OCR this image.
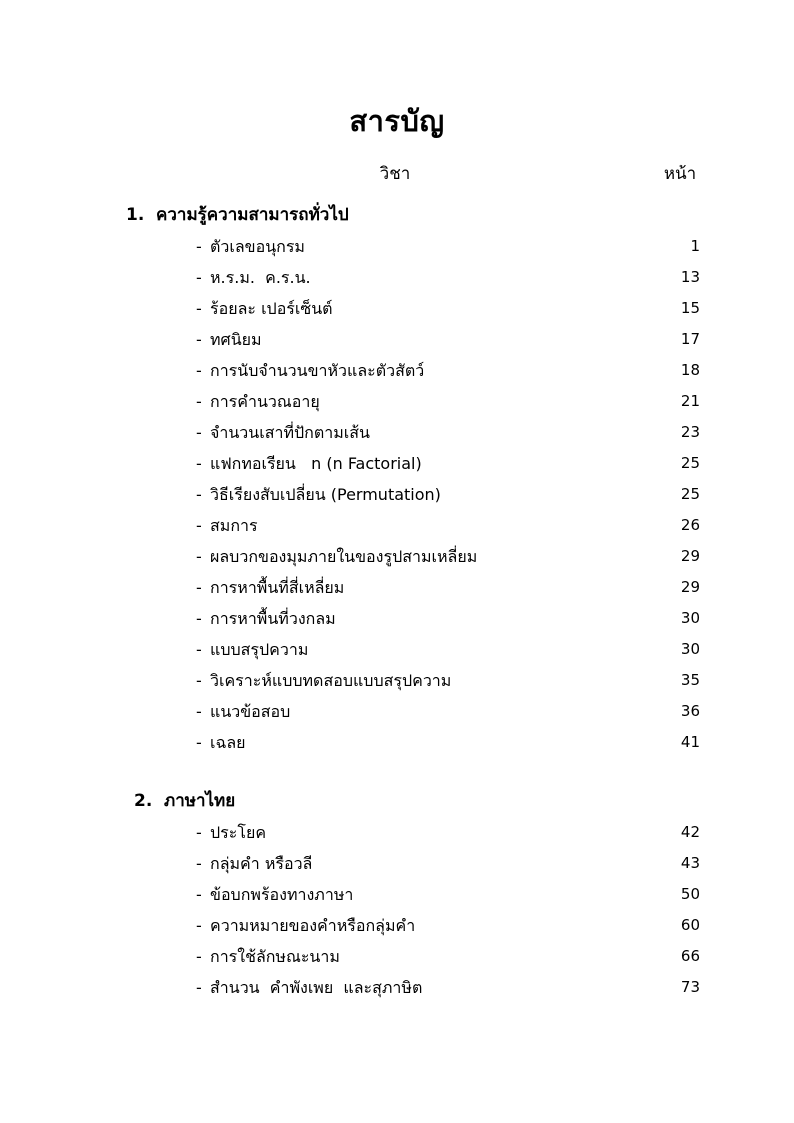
สารบัญ
วิชา	หน้า
1. ความรู้ความสามารถทั่วไป
- ตัวเลขอนุกรม	1
- ห.ร.ม.  ค.ร.น.	13
- ร้อยละ เปอร์เซ็นต์	15
- ทศนิยม	17
- การนับจำนวนขาหัวและตัวสัตว์	18
- การคำนวณอายุ	21
- จำนวนเสาที่ปักตามเส้น	23
- แฟกทอเรียน   n (n Factorial)	25
- วิธีเรียงสับเปลี่ยน (Permutation)	25
- สมการ	26
- ผลบวกของมุมภายในของรูปสามเหลี่ยม	29
- การหาพื้นที่สี่เหลี่ยม	29
- การหาพื้นที่วงกลม	30
- แบบสรุปความ	30
- วิเคราะห์แบบทดสอบแบบสรุปความ	35
- แนวข้อสอบ	36
- เฉลย	41
2. ภาษาไทย
- ประโยค	42
- กลุ่มคำ หรือวลี	43
- ข้อบกพร้องทางภาษา	50
- ความหมายของคำหรือกลุ่มคำ	60
- การใช้ลักษณะนาม	66
- สำนวน  คำพังเพย  และสุภาษิต	73
